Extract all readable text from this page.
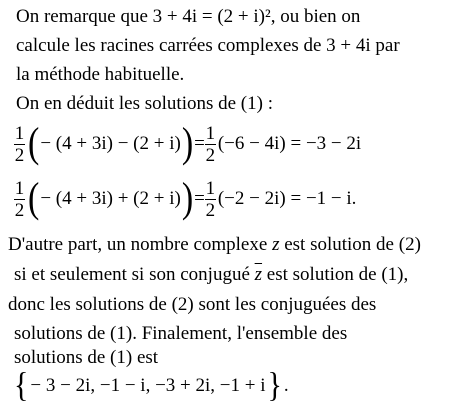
On remarque que 3 + 4i = (2 + i)², ou bien on
calcule les racines carrées complexes de 3 + 4i par
la méthode habituelle.
On en déduit les solutions de (1) :
$\frac{1}{2}$ ( − (4 + 3i) − (2 + i) ) = $\frac{1}{2} (-6 - 4i) = -3 - 2i$
$\frac{1}{2}$ ( − (4 + 3i) + (2 + i) ) = $\frac{1}{2} (-2 - 2i) = -1 - i$.
D'autre part, un nombre complexe z est solution de (2)
si et seulement si son conjugué $\overline{z}$ est solution de (1),
donc les solutions de (2) sont les conjuguées des
solutions de (1). Finalement, l'ensemble des
solutions de (1) est
{ − 3 − 2i, −1 − i, −3 + 2i, −1 + i } .
